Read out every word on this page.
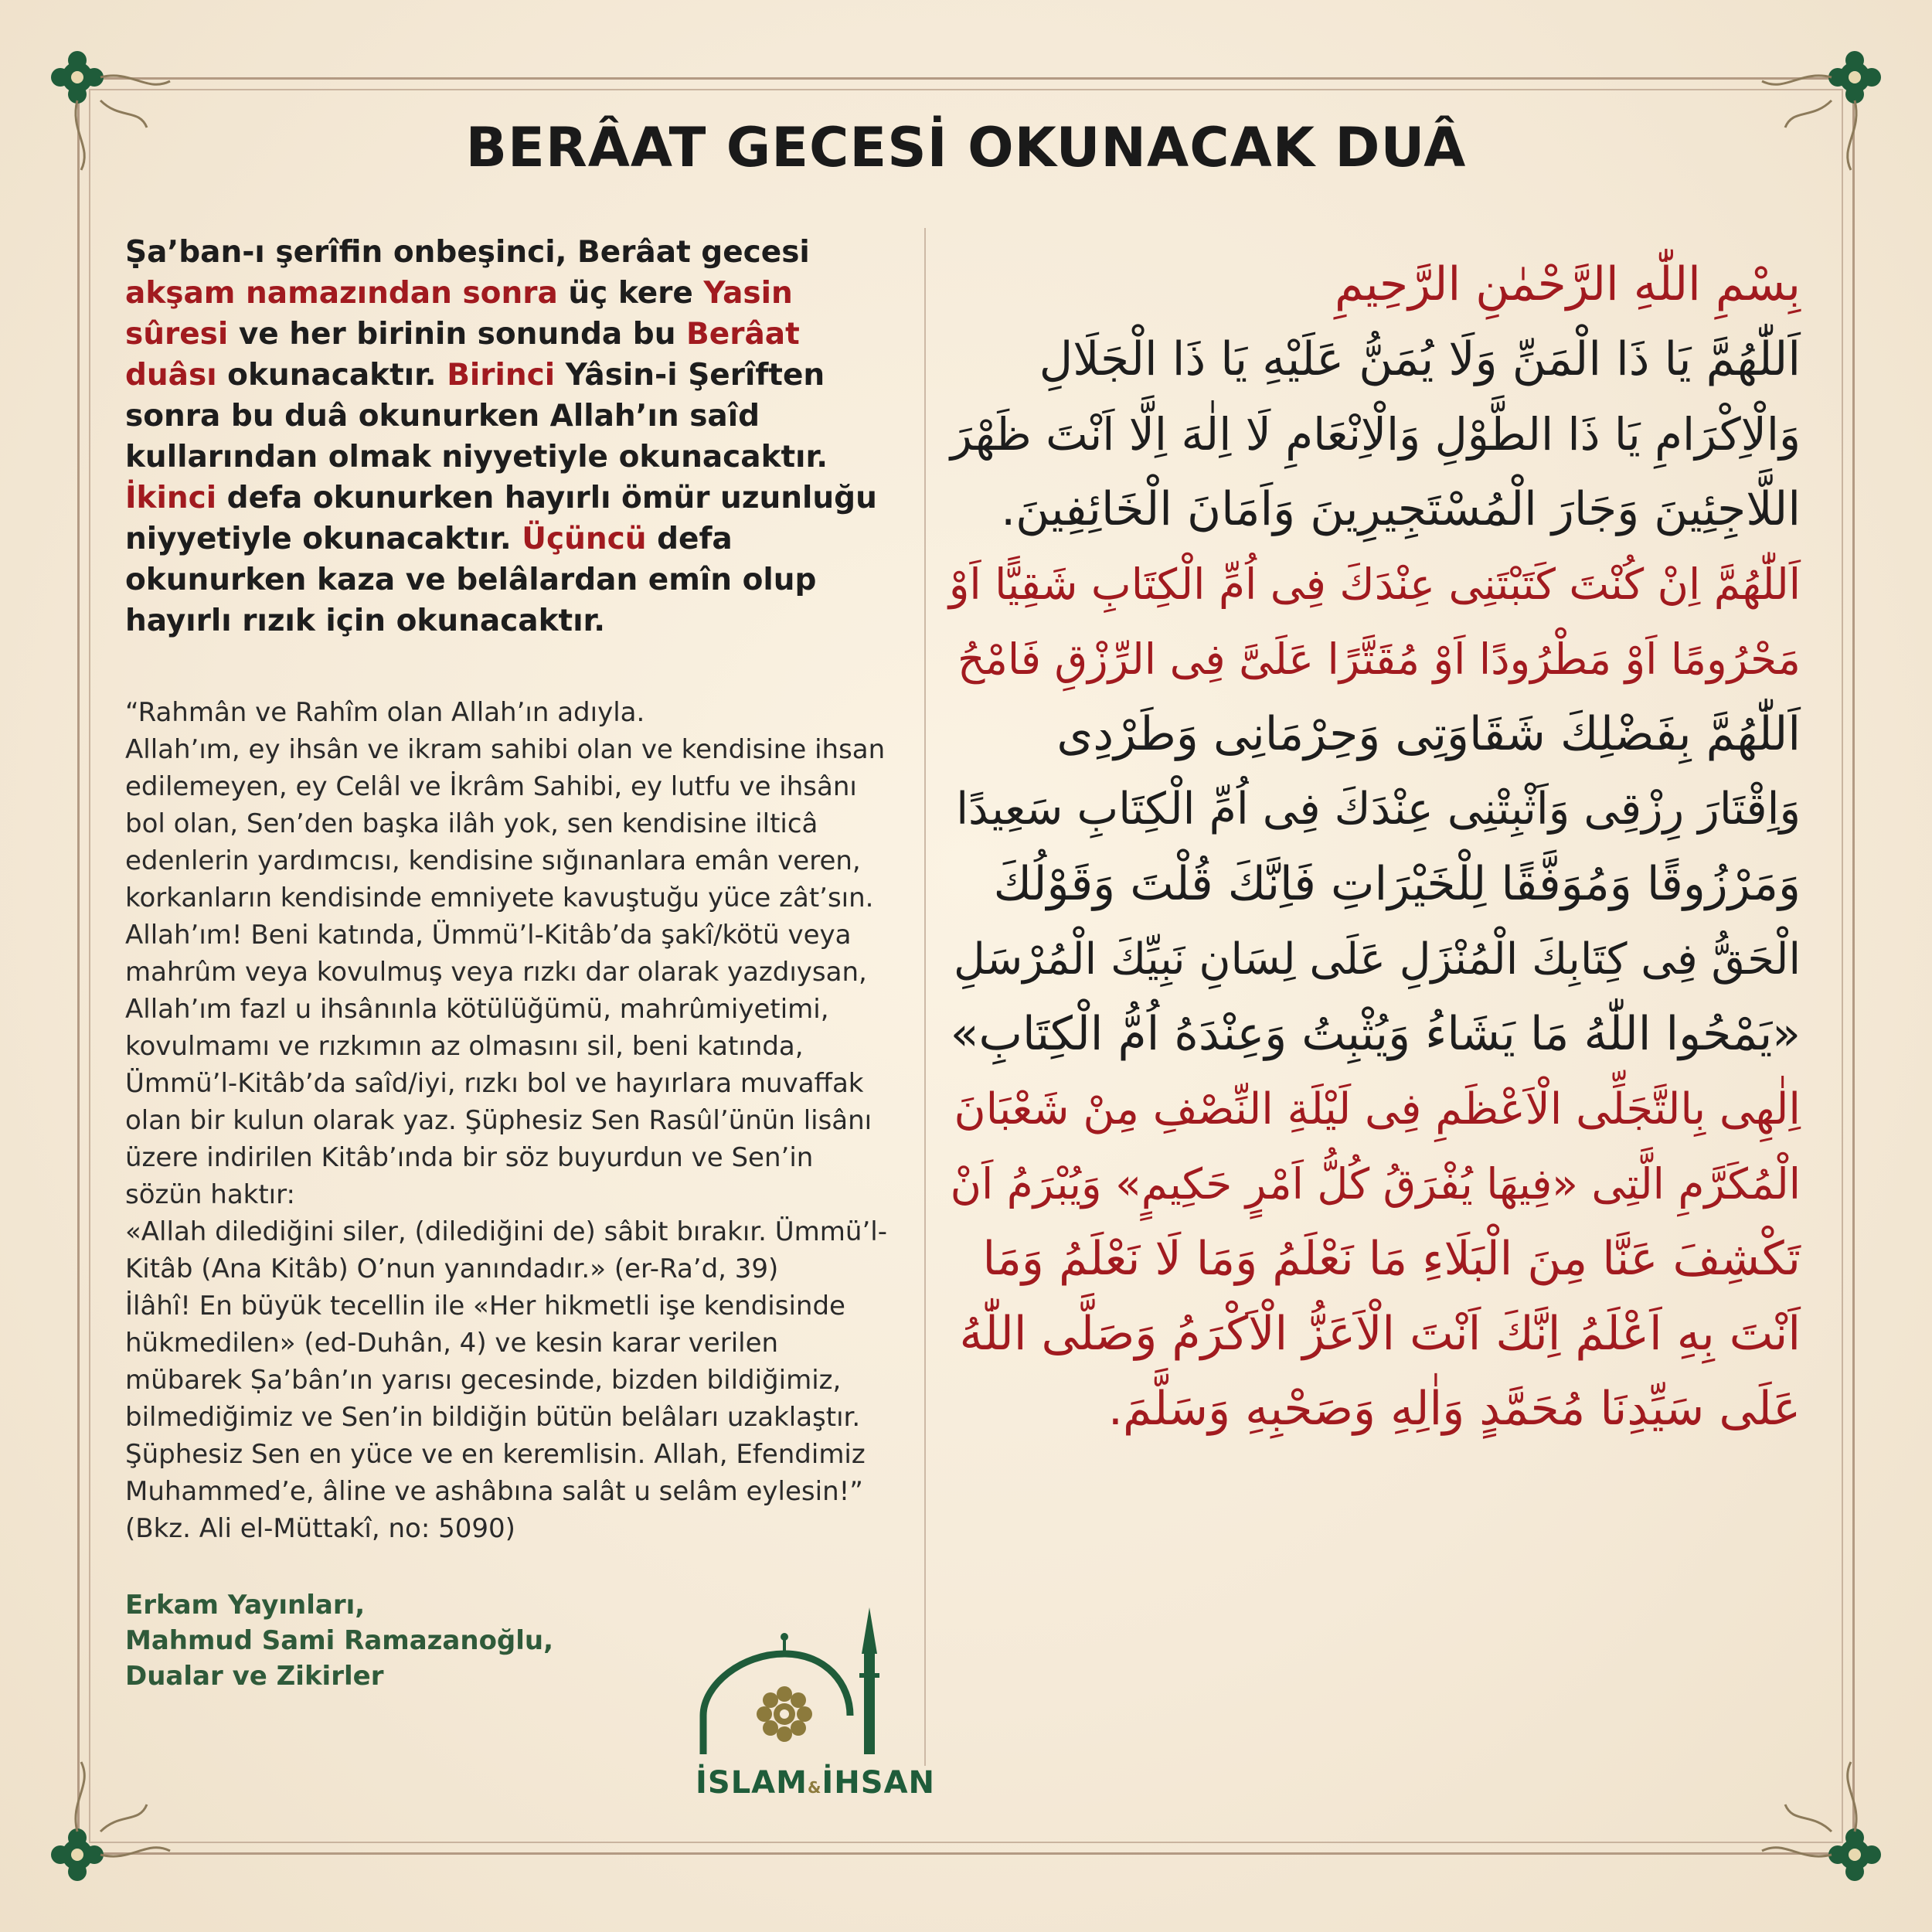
BERÂAT GECESİ OKUNACAK DUÂ

Ṣa’ban-ı şerîfin onbeşinci, Berâat gecesi akşam namazından sonra üç kere Yasin sûresi ve her birinin sonunda bu Berâat duâsı okunacaktır. Birinci Yâsin-i Şerîften sonra bu duâ okunurken Allah’ın saîd kullarından olmak niyyetiyle okunacaktır. İkinci defa okunurken hayırlı ömür uzunluğu niyyetiyle okunacaktır. Üçüncü defa okunurken kaza ve belâlardan emîn olup hayırlı rızık için okunacaktır.

“Rahmân ve Rahîm olan Allah’ın adıyla.
Allah’ım, ey ihsân ve ikram sahibi olan ve kendisine ihsan edilemeyen, ey Celâl ve İkrâm Sahibi, ey lutfu ve ihsânı bol olan, Sen’den başka ilâh yok, sen kendisine ilticâ edenlerin yardımcısı, kendisine sığınanlara emân veren, korkanların kendisinde emniyete kavuştuğu yüce zât’sın.
Allah’ım! Beni katında, Ümmü’l-Kitâb’da şakî/kötü veya mahrûm veya kovulmuş veya rızkı dar olarak yazdıysan, Allah’ım fazl u ihsânınla kötülüğümü, mahrûmiyetimi, kovulmamı ve rızkımın az olmasını sil, beni katında, Ümmü’l-Kitâb’da saîd/iyi, rızkı bol ve hayırlara muvaffak olan bir kulun olarak yaz. Şüphesiz Sen Rasûl’ünün lisânı üzere indirilen Kitâb’ında bir söz buyurdun ve Sen’in sözün haktır:
«Allah dilediğini siler, (dilediğini de) sâbit bırakır. Ümmü’l-Kitâb (Ana Kitâb) O’nun yanındadır.» (er-Ra’d, 39)
İlâhî! En büyük tecellin ile «Her hikmetli işe kendisinde hükmedilen» (ed-Duhân, 4) ve kesin karar verilen mübarek Ṣa’bân’ın yarısı gecesinde, bizden bildiğimiz, bilmediğimiz ve Sen’in bildiğin bütün belâları uzaklaştır. Şüphesiz Sen en yüce ve en keremlisin. Allah, Efendimiz Muhammed’e, âline ve ashâbına salât u selâm eylesin!” (Bkz. Ali el-Müttakî, no: 5090)
Erkam Yayınları,
Mahmud Sami Ramazanoğlu,
Dualar ve Zikirler
İSLAM&İHSAN
بِسْمِ اللّٰهِ الرَّحْمٰنِ الرَّحِيمِ
اَللّٰهُمَّ يَا ذَا الْمَنِّ وَلَا يُمَنُّ عَلَيْهِ يَا ذَا الْجَلَالِ
وَالْاِكْرَامِ يَا ذَا الطَّوْلِ وَالْاِنْعَامِ لَا اِلٰهَ اِلَّا اَنْتَ ظَهْرَ
اللَّاجِئِينَ وَجَارَ الْمُسْتَجِيرِينَ وَاَمَانَ الْخَائِفِينَ.
اَللّٰهُمَّ اِنْ كُنْتَ كَتَبْتَنِى عِنْدَكَ فِى اُمِّ الْكِتَابِ شَقِيًّا اَوْ
مَحْرُومًا اَوْ مَطْرُودًا اَوْ مُقَتَّرًا عَلَىَّ فِى الرِّزْقِ فَامْحُ
اَللّٰهُمَّ بِفَضْلِكَ شَقَاوَتِى وَحِرْمَانِى وَطَرْدِى
وَاِقْتَارَ رِزْقِى وَاَثْبِتْنِى عِنْدَكَ فِى اُمِّ الْكِتَابِ سَعِيدًا
وَمَرْزُوقًا وَمُوَفَّقًا لِلْخَيْرَاتِ فَاِنَّكَ قُلْتَ وَقَوْلُكَ
الْحَقُّ فِى كِتَابِكَ الْمُنْزَلِ عَلَى لِسَانِ نَبِيِّكَ الْمُرْسَلِ
«يَمْحُوا اللّٰهُ مَا يَشَاءُ وَيُثْبِتُ وَعِنْدَهُ اُمُّ الْكِتَابِ»
اِلٰهِى بِالتَّجَلِّى الْاَعْظَمِ فِى لَيْلَةِ النِّصْفِ مِنْ شَعْبَانَ
الْمُكَرَّمِ الَّتِى «فِيهَا يُفْرَقُ كُلُّ اَمْرٍ حَكِيمٍ» وَيُبْرَمُ اَنْ
تَكْشِفَ عَنَّا مِنَ الْبَلَاءِ مَا نَعْلَمُ وَمَا لَا نَعْلَمُ وَمَا
اَنْتَ بِهِ اَعْلَمُ اِنَّكَ اَنْتَ الْاَعَزُّ الْاَكْرَمُ وَصَلَّى اللّٰهُ
عَلَى سَيِّدِنَا مُحَمَّدٍ وَاٰلِهِ وَصَحْبِهِ وَسَلَّمَ.
